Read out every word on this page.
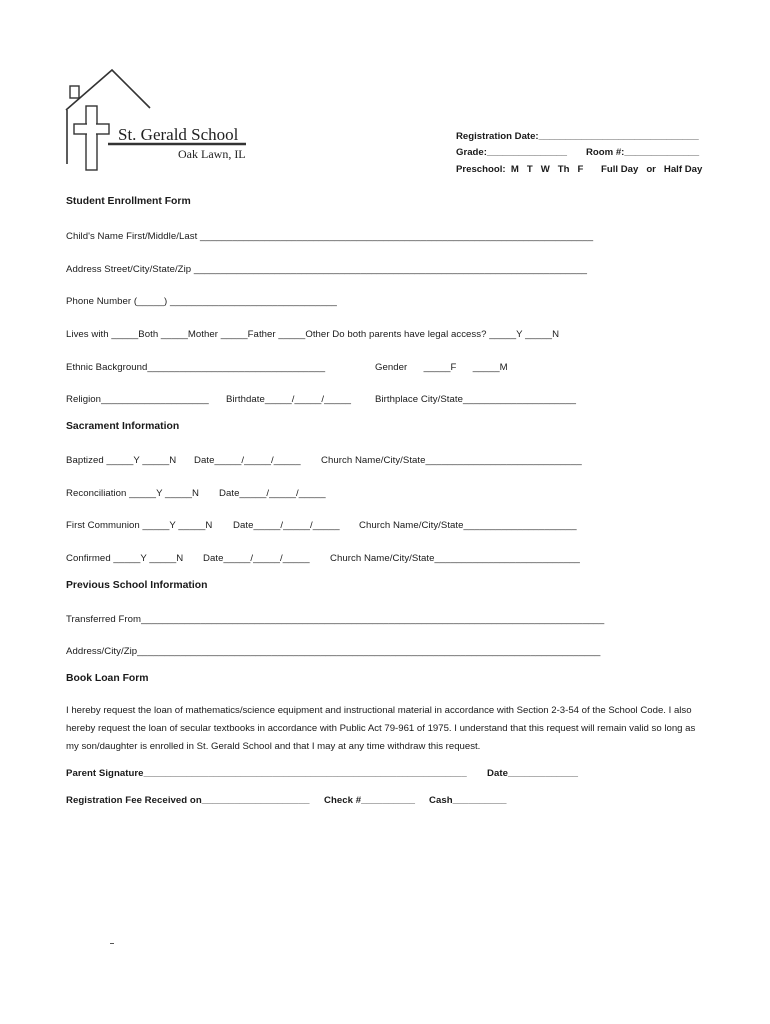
St. Gerald School
Oak Lawn, IL
Registration Date:______________________________
Grade:_______________ Room #:______________
Preschool:  M   T   W   Th   F Full Day   or   Half Day
Student Enrollment Form
Child's Name First/Middle/Last _________________________________________________________________________
Address Street/City/State/Zip _________________________________________________________________________
Phone Number (_____) _______________________________
Lives with _____Both _____Mother _____Father _____Other Do both parents have legal access? _____Y _____N
Ethnic Background_________________________________	Gender      _____F      _____M
Religion____________________ Birthdate_____/_____/_____ Birthplace City/State_____________________
Sacrament Information
Baptized _____Y _____N Date_____/_____/_____ Church Name/City/State_____________________________
Reconciliation _____Y _____N Date_____/_____/_____
First Communion _____Y _____N Date_____/_____/_____ Church Name/City/State_____________________
Confirmed _____Y _____N Date_____/_____/_____ Church Name/City/State___________________________
Previous School Information
Transferred From______________________________________________________________________________________
Address/City/Zip______________________________________________________________________________________
Book Loan Form
I hereby request the loan of mathematics/science equipment and instructional material in accordance with Section 2-3-54 of the School Code. I also hereby request the loan of secular textbooks in accordance with Public Act 79-961 of 1975. I understand that this request will remain valid so long as my son/daughter is enrolled in St. Gerald School and that I may at any time withdraw this request.
Parent Signature____________________________________________________________ Date_____________
Registration Fee Received on____________________ Check #__________ Cash__________
